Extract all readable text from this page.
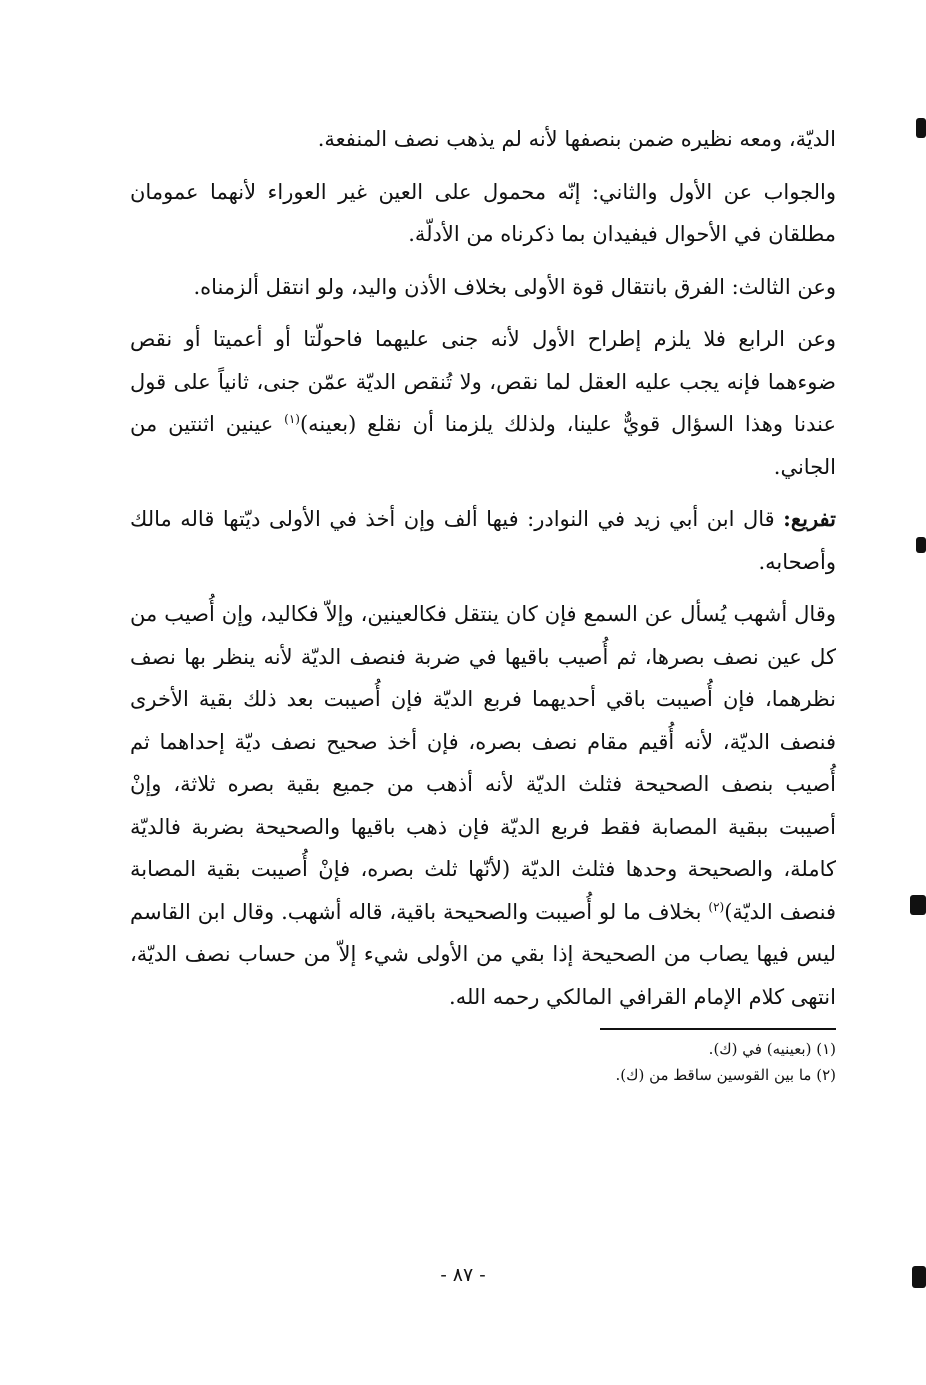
الديّة، ومعه نظيره ضمن بنصفها لأنه لم يذهب نصف المنفعة.

والجواب عن الأول والثاني: إنّه محمول على العين غير العوراء لأنهما عمومان مطلقان في الأحوال فيفيدان بما ذكرناه من الأدلّة.

وعن الثالث: الفرق بانتقال قوة الأولى بخلاف الأذن واليد، ولو انتقل ألزمناه.

وعن الرابع فلا يلزم إطراح الأول لأنه جنى عليهما فاحولّتا أو أعميتا أو نقص ضوءهما فإنه يجب عليه العقل لما نقص، ولا تُنقص الديّة عمّن جنى، ثانياً على قول عندنا وهذا السؤال قويٌّ علينا، ولذلك يلزمنا أن نقلع (بعينه)$^{(١)}$ عينين اثنتين من الجاني.

تفريع: قال ابن أبي زيد في النوادر: فيها ألف وإن أخذ في الأولى ديّتها قاله مالك وأصحابه.

وقال أشهب يُسأل عن السمع فإن كان ينتقل فكالعينين، وإلاّ فكاليد، وإن أُصيب من كل عين نصف بصرها، ثم أُصيب باقيها في ضربة فنصف الديّة لأنه ينظر بها نصف نظرهما، فإن أُصيبت باقي أحديهما فربع الديّة فإن أُصيبت بعد ذلك بقية الأخرى فنصف الديّة، لأنه أُقيم مقام نصف بصره، فإن أخذ صحيح نصف ديّة إحداهما ثم أُصيب بنصف الصحيحة فثلث الديّة لأنه أذهب من جميع بقية بصره ثلاثة، وإنْ أصيبت ببقية المصابة فقط فربع الديّة فإن ذهب باقيها والصحيحة بضربة فالديّة كاملة، والصحيحة وحدها فثلث الديّة (لأنّها ثلث بصره، فإنْ أُصيبت بقية المصابة فنصف الديّة)$^{(٢)}$ بخلاف ما لو أُصيبت والصحيحة باقية، قاله أشهب. وقال ابن القاسم ليس فيها يصاب من الصحيحة إذا بقي من الأولى شيء إلاّ من حساب نصف الديّة، انتهى كلام الإمام القرافي المالكي رحمه الله.

(١) (بعينيه) في (ك).

(٢) ما بين القوسين ساقط من (ك).

- ٨٧ -
